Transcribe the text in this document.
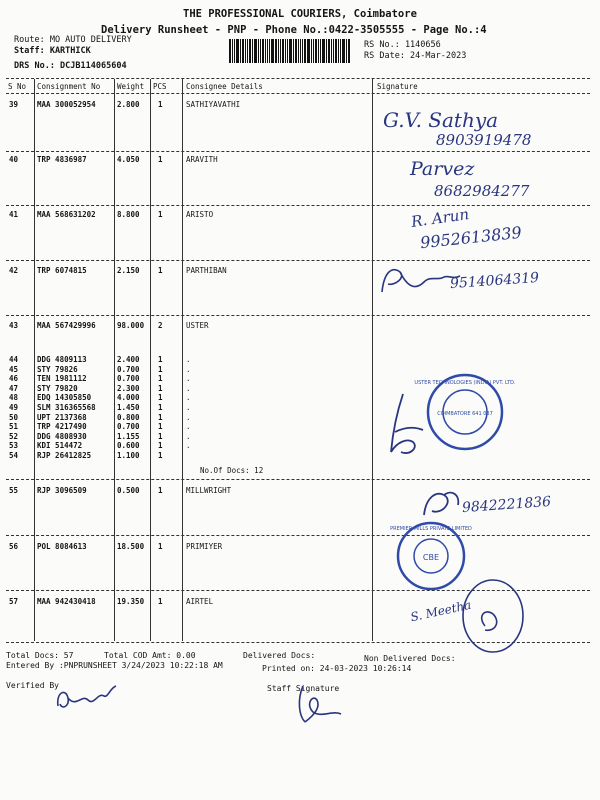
THE PROFESSIONAL COURIERS, Coimbatore
Delivery Runsheet - PNP - Phone No.:0422-3505555 - Page No.:4
Route: MO AUTO DELIVERY
Staff: KARTHICK
DRS No.: DCJB114065604
RS No.: 1140656
RS Date: 24-Mar-2023
S No Consignment No Weight PCS	Consignee Details	Signature
39	MAA 300052954	2.800 1	SATHIYAVATHI
40	TRP 4836987	4.050 1	ARAVITH
41	MAA 568631202	8.800 1	ARISTO
42	TRP 6074815	2.150 1	PARTHIBAN
43	MAA 567429996	98.000 2	USTER
44	DDG 4809113	2.400 1	.
45	STY 79826	0.700 1	.
46	TEN 1981112	0.700 1	.
47	STY 79820	2.300 1	.
48	EDQ 14305850	4.000 1	.
49	SLM 316365568	1.450 1	.
50	UPT 2137368	0.800 1	.
51	TRP 4217490	0.700 1	.
52	DDG 4808930	1.155 1	.
53	KDI 514472	0.600 1	.
54	RJP 26412825	1.100 1
No.Of Docs: 12
55	RJP 3096509	0.500 1	MILLWRIGHT
56	POL 8084613	18.500 1	PRIMIYER
57	MAA 942430418	19.350 1	AIRTEL
G.V. Sathya
8903919478
Parvez
8682984277
R. Arun
9952613839
9514064319
USTER TECHNOLOGIES (INDIA) PVT. LTD.
COIMBATORE 641 037
9842221836
PREMIER MILLS PRIVATE LIMITED
CBE
S. Meetha
Total Docs: 57	Total COD Amt: 0.00	Delivered Docs:	Non Delivered Docs:
Entered By :PNPRUNSHEET 3/24/2023 10:22:18 AM	Printed on: 24-03-2023 10:26:14
Verified By	Staff Signature
